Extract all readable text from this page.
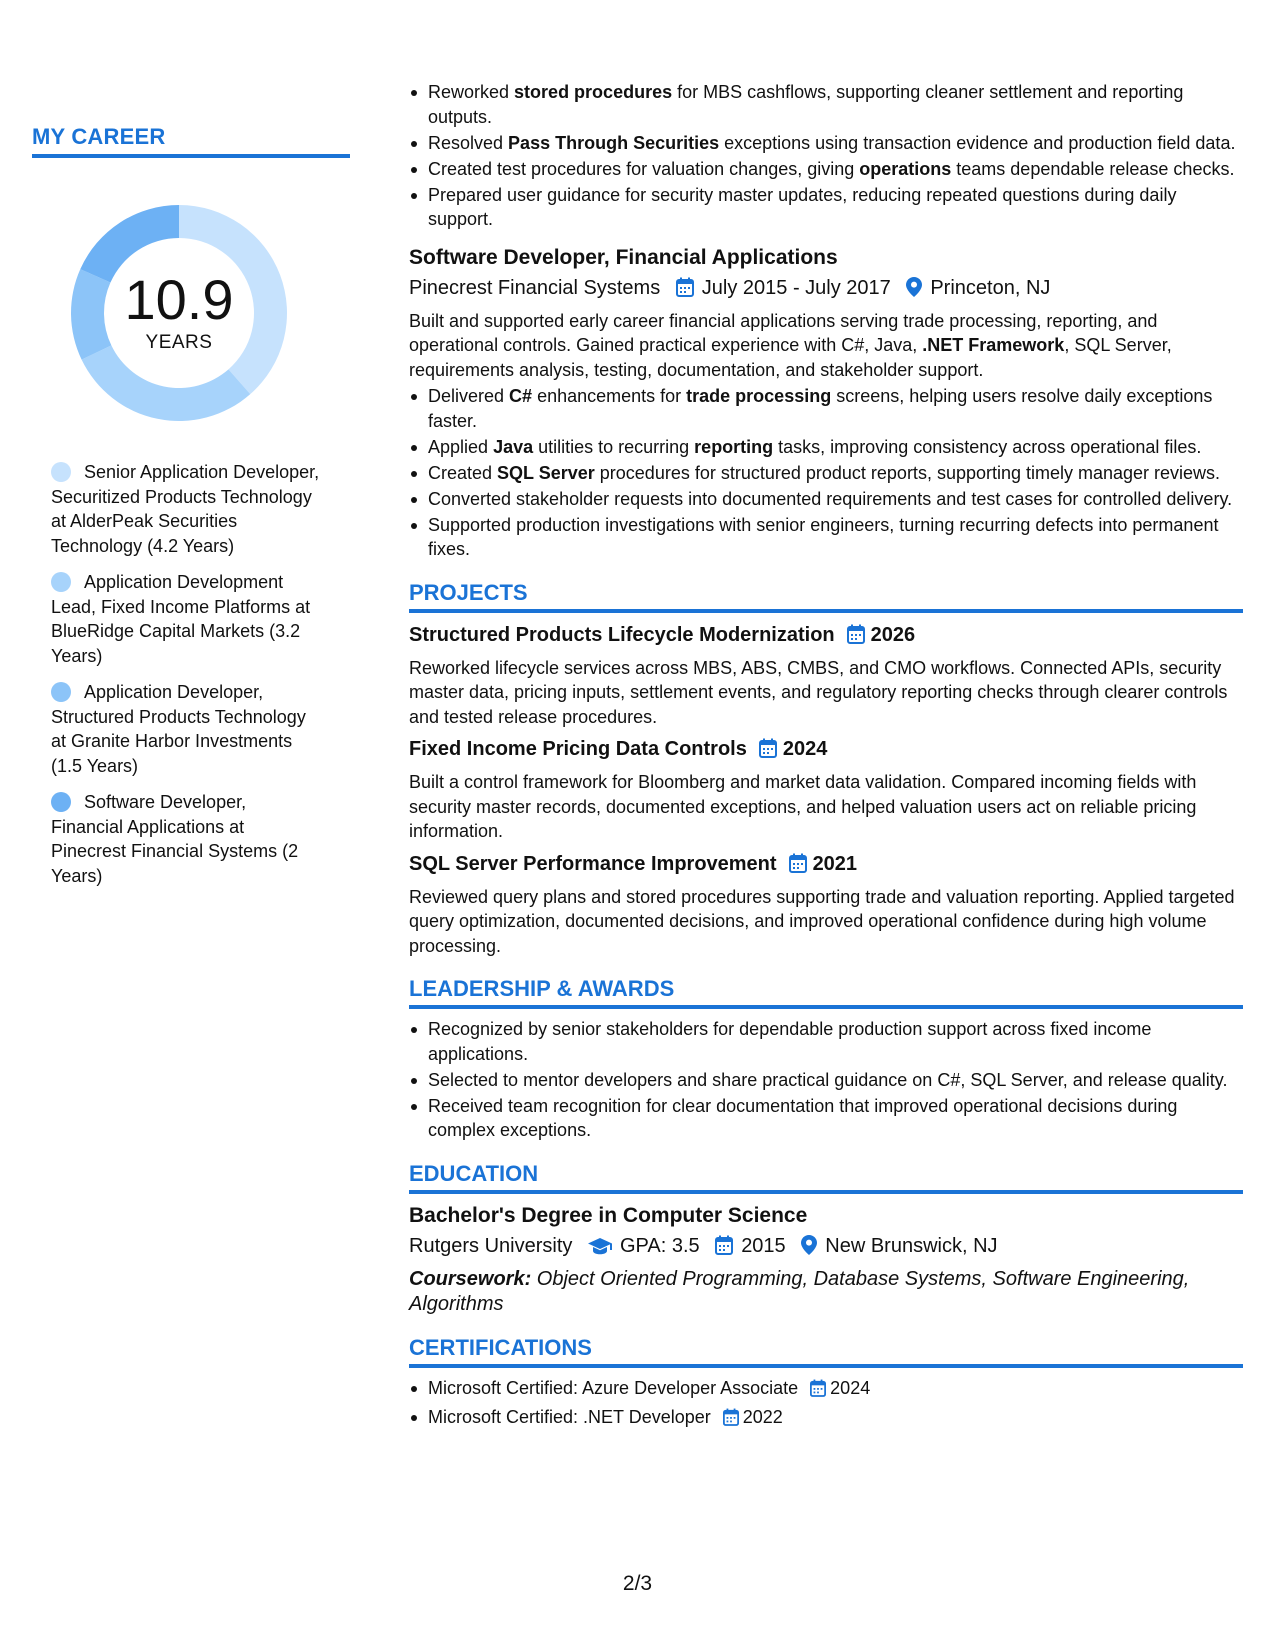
MY CAREER
10.9
YEARS
Senior Application Developer, Securitized Products Technology at AlderPeak Securities Technology (4.2 Years)
Application Development Lead, Fixed Income Platforms at BlueRidge Capital Markets (3.2 Years)
Application Developer, Structured Products Technology at Granite Harbor Investments (1.5 Years)
Software Developer, Financial Applications at Pinecrest Financial Systems (2 Years)
Reworked stored procedures for MBS cashflows, supporting cleaner settlement and reporting outputs.
Resolved Pass Through Securities exceptions using transaction evidence and production field data.
Created test procedures for valuation changes, giving operations teams dependable release checks.
Prepared user guidance for security master updates, reducing repeated questions during daily support.
Software Developer, Financial Applications
Pinecrest Financial Systems July 2015 - July 2017 Princeton, NJ
Built and supported early career financial applications serving trade processing, reporting, and operational controls. Gained practical experience with C#, Java, .NET Framework, SQL Server, requirements analysis, testing, documentation, and stakeholder support.
Delivered C# enhancements for trade processing screens, helping users resolve daily exceptions faster.
Applied Java utilities to recurring reporting tasks, improving consistency across operational files.
Created SQL Server procedures for structured product reports, supporting timely manager reviews.
Converted stakeholder requests into documented requirements and test cases for controlled delivery.
Supported production investigations with senior engineers, turning recurring defects into permanent fixes.
PROJECTS
Structured Products Lifecycle Modernization 2026
Reworked lifecycle services across MBS, ABS, CMBS, and CMO workflows. Connected APIs, security master data, pricing inputs, settlement events, and regulatory reporting checks through clearer controls and tested release procedures.
Fixed Income Pricing Data Controls 2024
Built a control framework for Bloomberg and market data validation. Compared incoming fields with security master records, documented exceptions, and helped valuation users act on reliable pricing information.
SQL Server Performance Improvement 2021
Reviewed query plans and stored procedures supporting trade and valuation reporting. Applied targeted query optimization, documented decisions, and improved operational confidence during high volume processing.
LEADERSHIP & AWARDS
Recognized by senior stakeholders for dependable production support across fixed income applications.
Selected to mentor developers and share practical guidance on C#, SQL Server, and release quality.
Received team recognition for clear documentation that improved operational decisions during complex exceptions.
EDUCATION
Bachelor's Degree in Computer Science
Rutgers University GPA: 3.5 2015 New Brunswick, NJ
Coursework: Object Oriented Programming, Database Systems, Software Engineering, Algorithms
CERTIFICATIONS
Microsoft Certified: Azure Developer Associate 2024
Microsoft Certified: .NET Developer 2022
2/3
